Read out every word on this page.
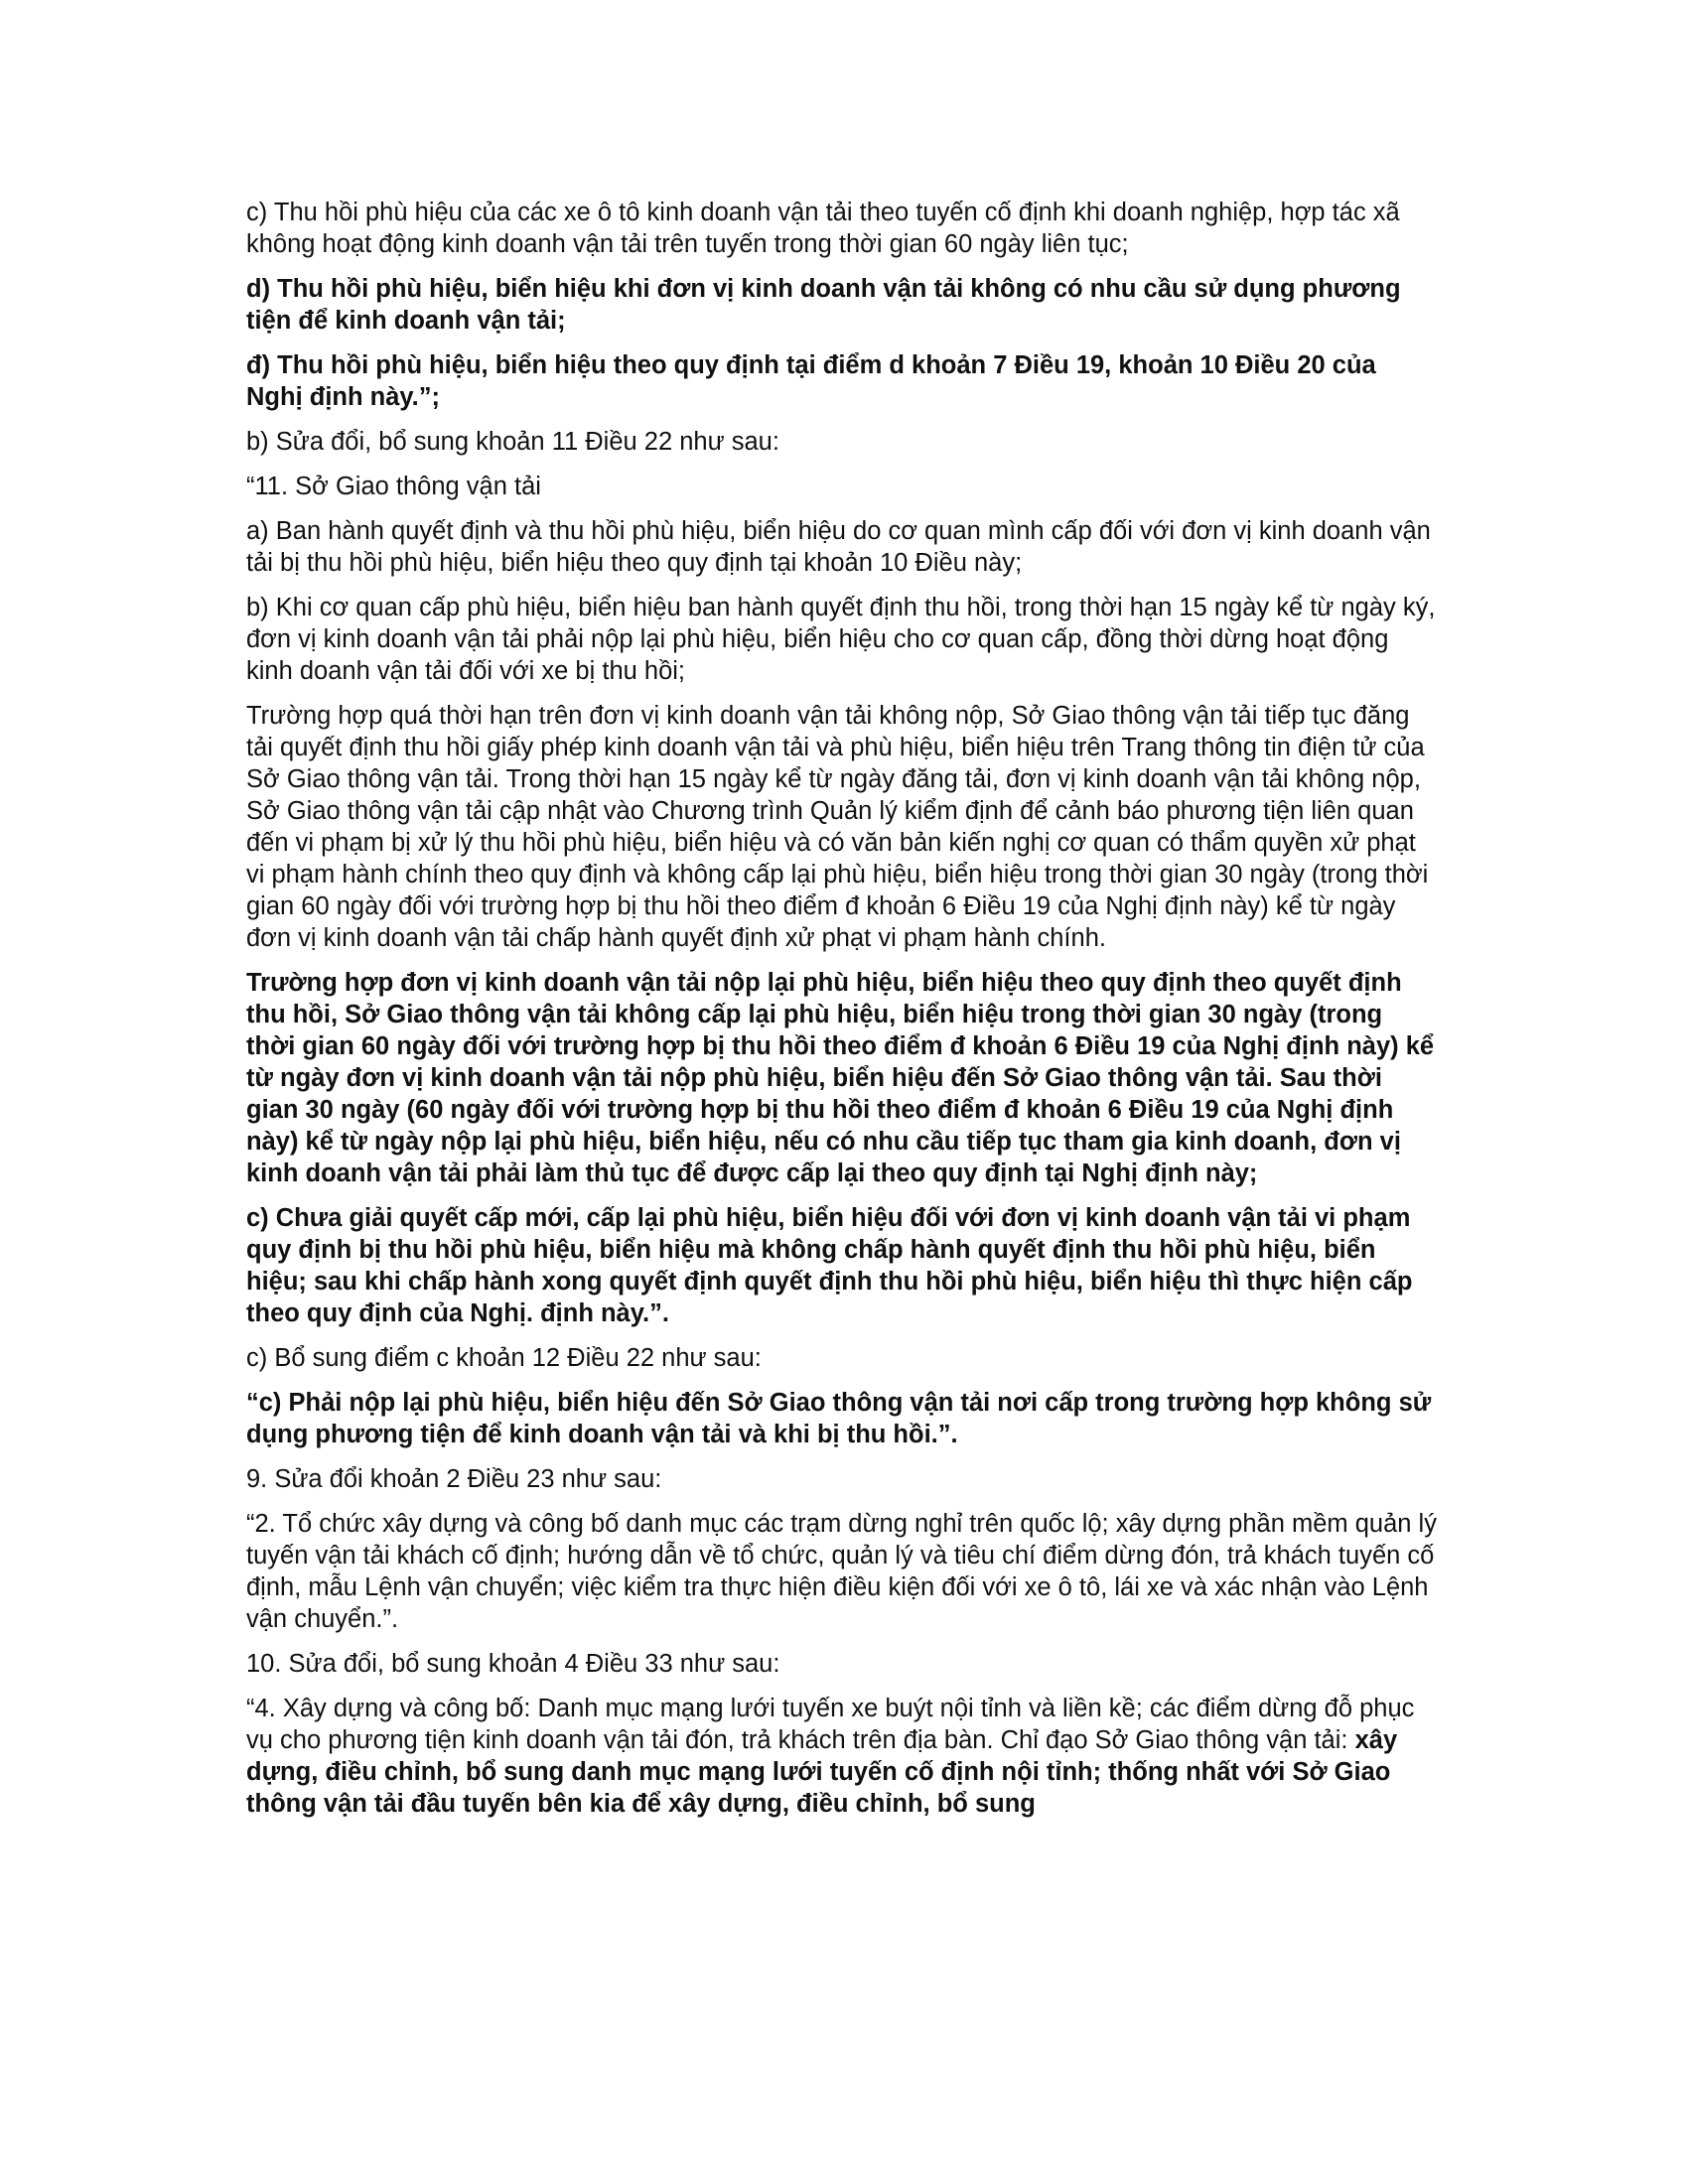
c) Thu hồi phù hiệu của các xe ô tô kinh doanh vận tải theo tuyến cố định khi doanh nghiệp, hợp tác xã không hoạt động kinh doanh vận tải trên tuyến trong thời gian 60 ngày liên tục;

d) Thu hồi phù hiệu, biển hiệu khi đơn vị kinh doanh vận tải không có nhu cầu sử dụng phương tiện để kinh doanh vận tải;

đ) Thu hồi phù hiệu, biển hiệu theo quy định tại điểm d khoản 7 Điều 19, khoản 10 Điều 20 của Nghị định này.”;

b) Sửa đổi, bổ sung khoản 11 Điều 22 như sau:

“11. Sở Giao thông vận tải

a) Ban hành quyết định và thu hồi phù hiệu, biển hiệu do cơ quan mình cấp đối với đơn vị kinh doanh vận tải bị thu hồi phù hiệu, biển hiệu theo quy định tại khoản 10 Điều này;

b) Khi cơ quan cấp phù hiệu, biển hiệu ban hành quyết định thu hồi, trong thời hạn 15 ngày kể từ ngày ký, đơn vị kinh doanh vận tải phải nộp lại phù hiệu, biển hiệu cho cơ quan cấp, đồng thời dừng hoạt động kinh doanh vận tải đối với xe bị thu hồi;

Trường hợp quá thời hạn trên đơn vị kinh doanh vận tải không nộp, Sở Giao thông vận tải tiếp tục đăng tải quyết định thu hồi giấy phép kinh doanh vận tải và phù hiệu, biển hiệu trên Trang thông tin điện tử của Sở Giao thông vận tải. Trong thời hạn 15 ngày kể từ ngày đăng tải, đơn vị kinh doanh vận tải không nộp, Sở Giao thông vận tải cập nhật vào Chương trình Quản lý kiểm định để cảnh báo phương tiện liên quan đến vi phạm bị xử lý thu hồi phù hiệu, biển hiệu và có văn bản kiến nghị cơ quan có thẩm quyền xử phạt vi phạm hành chính theo quy định và không cấp lại phù hiệu, biển hiệu trong thời gian 30 ngày (trong thời gian 60 ngày đối với trường hợp bị thu hồi theo điểm đ khoản 6 Điều 19 của Nghị định này) kể từ ngày đơn vị kinh doanh vận tải chấp hành quyết định xử phạt vi phạm hành chính.

Trường hợp đơn vị kinh doanh vận tải nộp lại phù hiệu, biển hiệu theo quy định theo quyết định thu hồi, Sở Giao thông vận tải không cấp lại phù hiệu, biển hiệu trong thời gian 30 ngày (trong thời gian 60 ngày đối với trường hợp bị thu hồi theo điểm đ khoản 6 Điều 19 của Nghị định này) kể từ ngày đơn vị kinh doanh vận tải nộp phù hiệu, biển hiệu đến Sở Giao thông vận tải. Sau thời gian 30 ngày (60 ngày đối với trường hợp bị thu hồi theo điểm đ khoản 6 Điều 19 của Nghị định này) kể từ ngày nộp lại phù hiệu, biển hiệu, nếu có nhu cầu tiếp tục tham gia kinh doanh, đơn vị kinh doanh vận tải phải làm thủ tục để được cấp lại theo quy định tại Nghị định này;

c) Chưa giải quyết cấp mới, cấp lại phù hiệu, biển hiệu đối với đơn vị kinh doanh vận tải vi phạm quy định bị thu hồi phù hiệu, biển hiệu mà không chấp hành quyết định thu hồi phù hiệu, biển hiệu; sau khi chấp hành xong quyết định quyết định thu hồi phù hiệu, biển hiệu thì thực hiện cấp theo quy định của Nghị. định này.”.

c) Bổ sung điểm c khoản 12 Điều 22 như sau:

“c) Phải nộp lại phù hiệu, biển hiệu đến Sở Giao thông vận tải nơi cấp trong trường hợp không sử dụng phương tiện để kinh doanh vận tải và khi bị thu hồi.”.

9. Sửa đổi khoản 2 Điều 23 như sau:

“2. Tổ chức xây dựng và công bố danh mục các trạm dừng nghỉ trên quốc lộ; xây dựng phần mềm quản lý tuyến vận tải khách cố định; hướng dẫn về tổ chức, quản lý và tiêu chí điểm dừng đón, trả khách tuyến cố định, mẫu Lệnh vận chuyển; việc kiểm tra thực hiện điều kiện đối với xe ô tô, lái xe và xác nhận vào Lệnh vận chuyển.”.

10. Sửa đổi, bổ sung khoản 4 Điều 33 như sau:

“4. Xây dựng và công bố: Danh mục mạng lưới tuyến xe buýt nội tỉnh và liền kề; các điểm dừng đỗ phục vụ cho phương tiện kinh doanh vận tải đón, trả khách trên địa bàn. Chỉ đạo Sở Giao thông vận tải: xây dựng, điều chỉnh, bổ sung danh mục mạng lưới tuyến cố định nội tỉnh; thống nhất với Sở Giao thông vận tải đầu tuyến bên kia để xây dựng, điều chỉnh, bổ sung
